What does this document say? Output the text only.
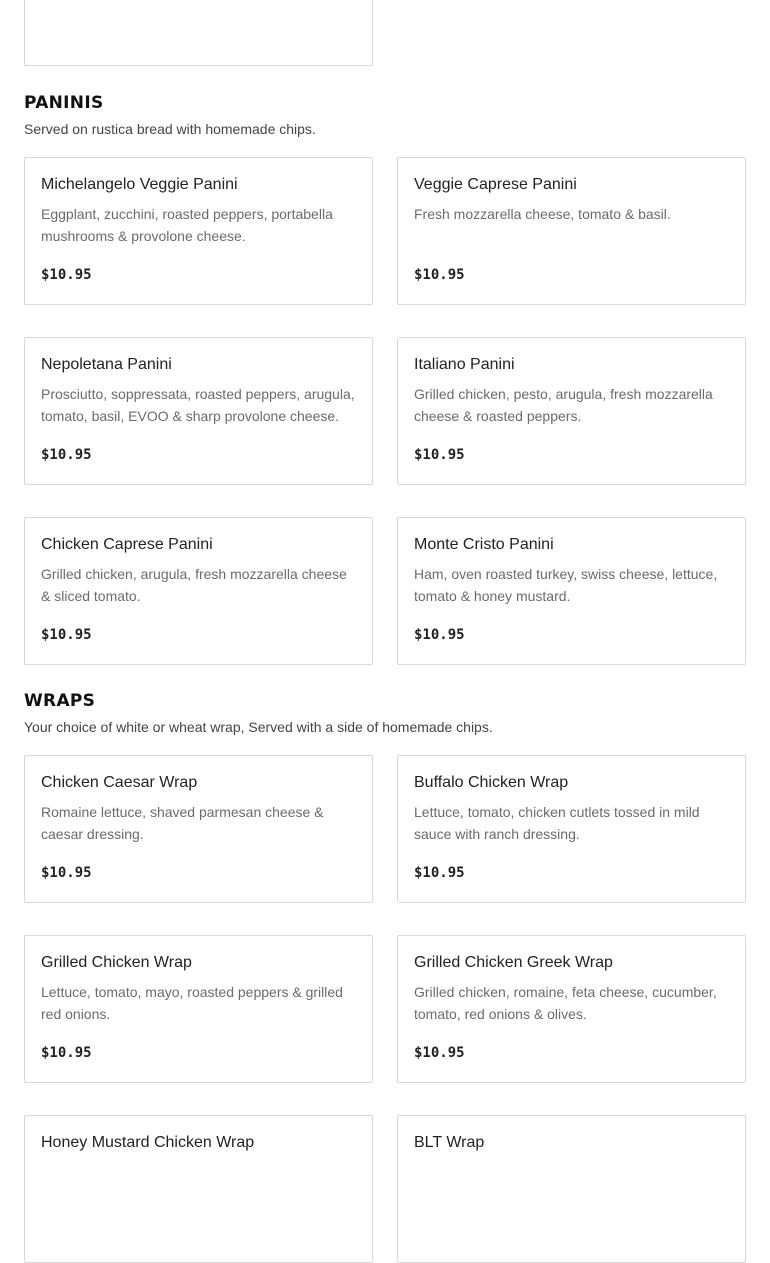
PANINIS

Served on rustica bread with homemade chips.

Michelangelo Veggie Panini
Eggplant, zucchini, roasted peppers, portabella mushrooms & provolone cheese.
$10.95
Veggie Caprese Panini
Fresh mozzarella cheese, tomato & basil.
$10.95
Nepoletana Panini
Prosciutto, soppressata, roasted peppers, arugula, tomato, basil, EVOO & sharp provolone cheese.
$10.95
Italiano Panini
Grilled chicken, pesto, arugula, fresh mozzarella cheese & roasted peppers.
$10.95
Chicken Caprese Panini
Grilled chicken, arugula, fresh mozzarella cheese & sliced tomato.
$10.95
Monte Cristo Panini
Ham, oven roasted turkey, swiss cheese, lettuce, tomato & honey mustard.
$10.95
WRAPS

Your choice of white or wheat wrap, Served with a side of homemade chips.

Chicken Caesar Wrap
Romaine lettuce, shaved parmesan cheese & caesar dressing.
$10.95
Buffalo Chicken Wrap
Lettuce, tomato, chicken cutlets tossed in mild sauce with ranch dressing.
$10.95
Grilled Chicken Wrap
Lettuce, tomato, mayo, roasted peppers & grilled red onions.
$10.95
Grilled Chicken Greek Wrap
Grilled chicken, romaine, feta cheese, cucumber, tomato, red onions & olives.
$10.95
Honey Mustard Chicken Wrap	BLT Wrap
